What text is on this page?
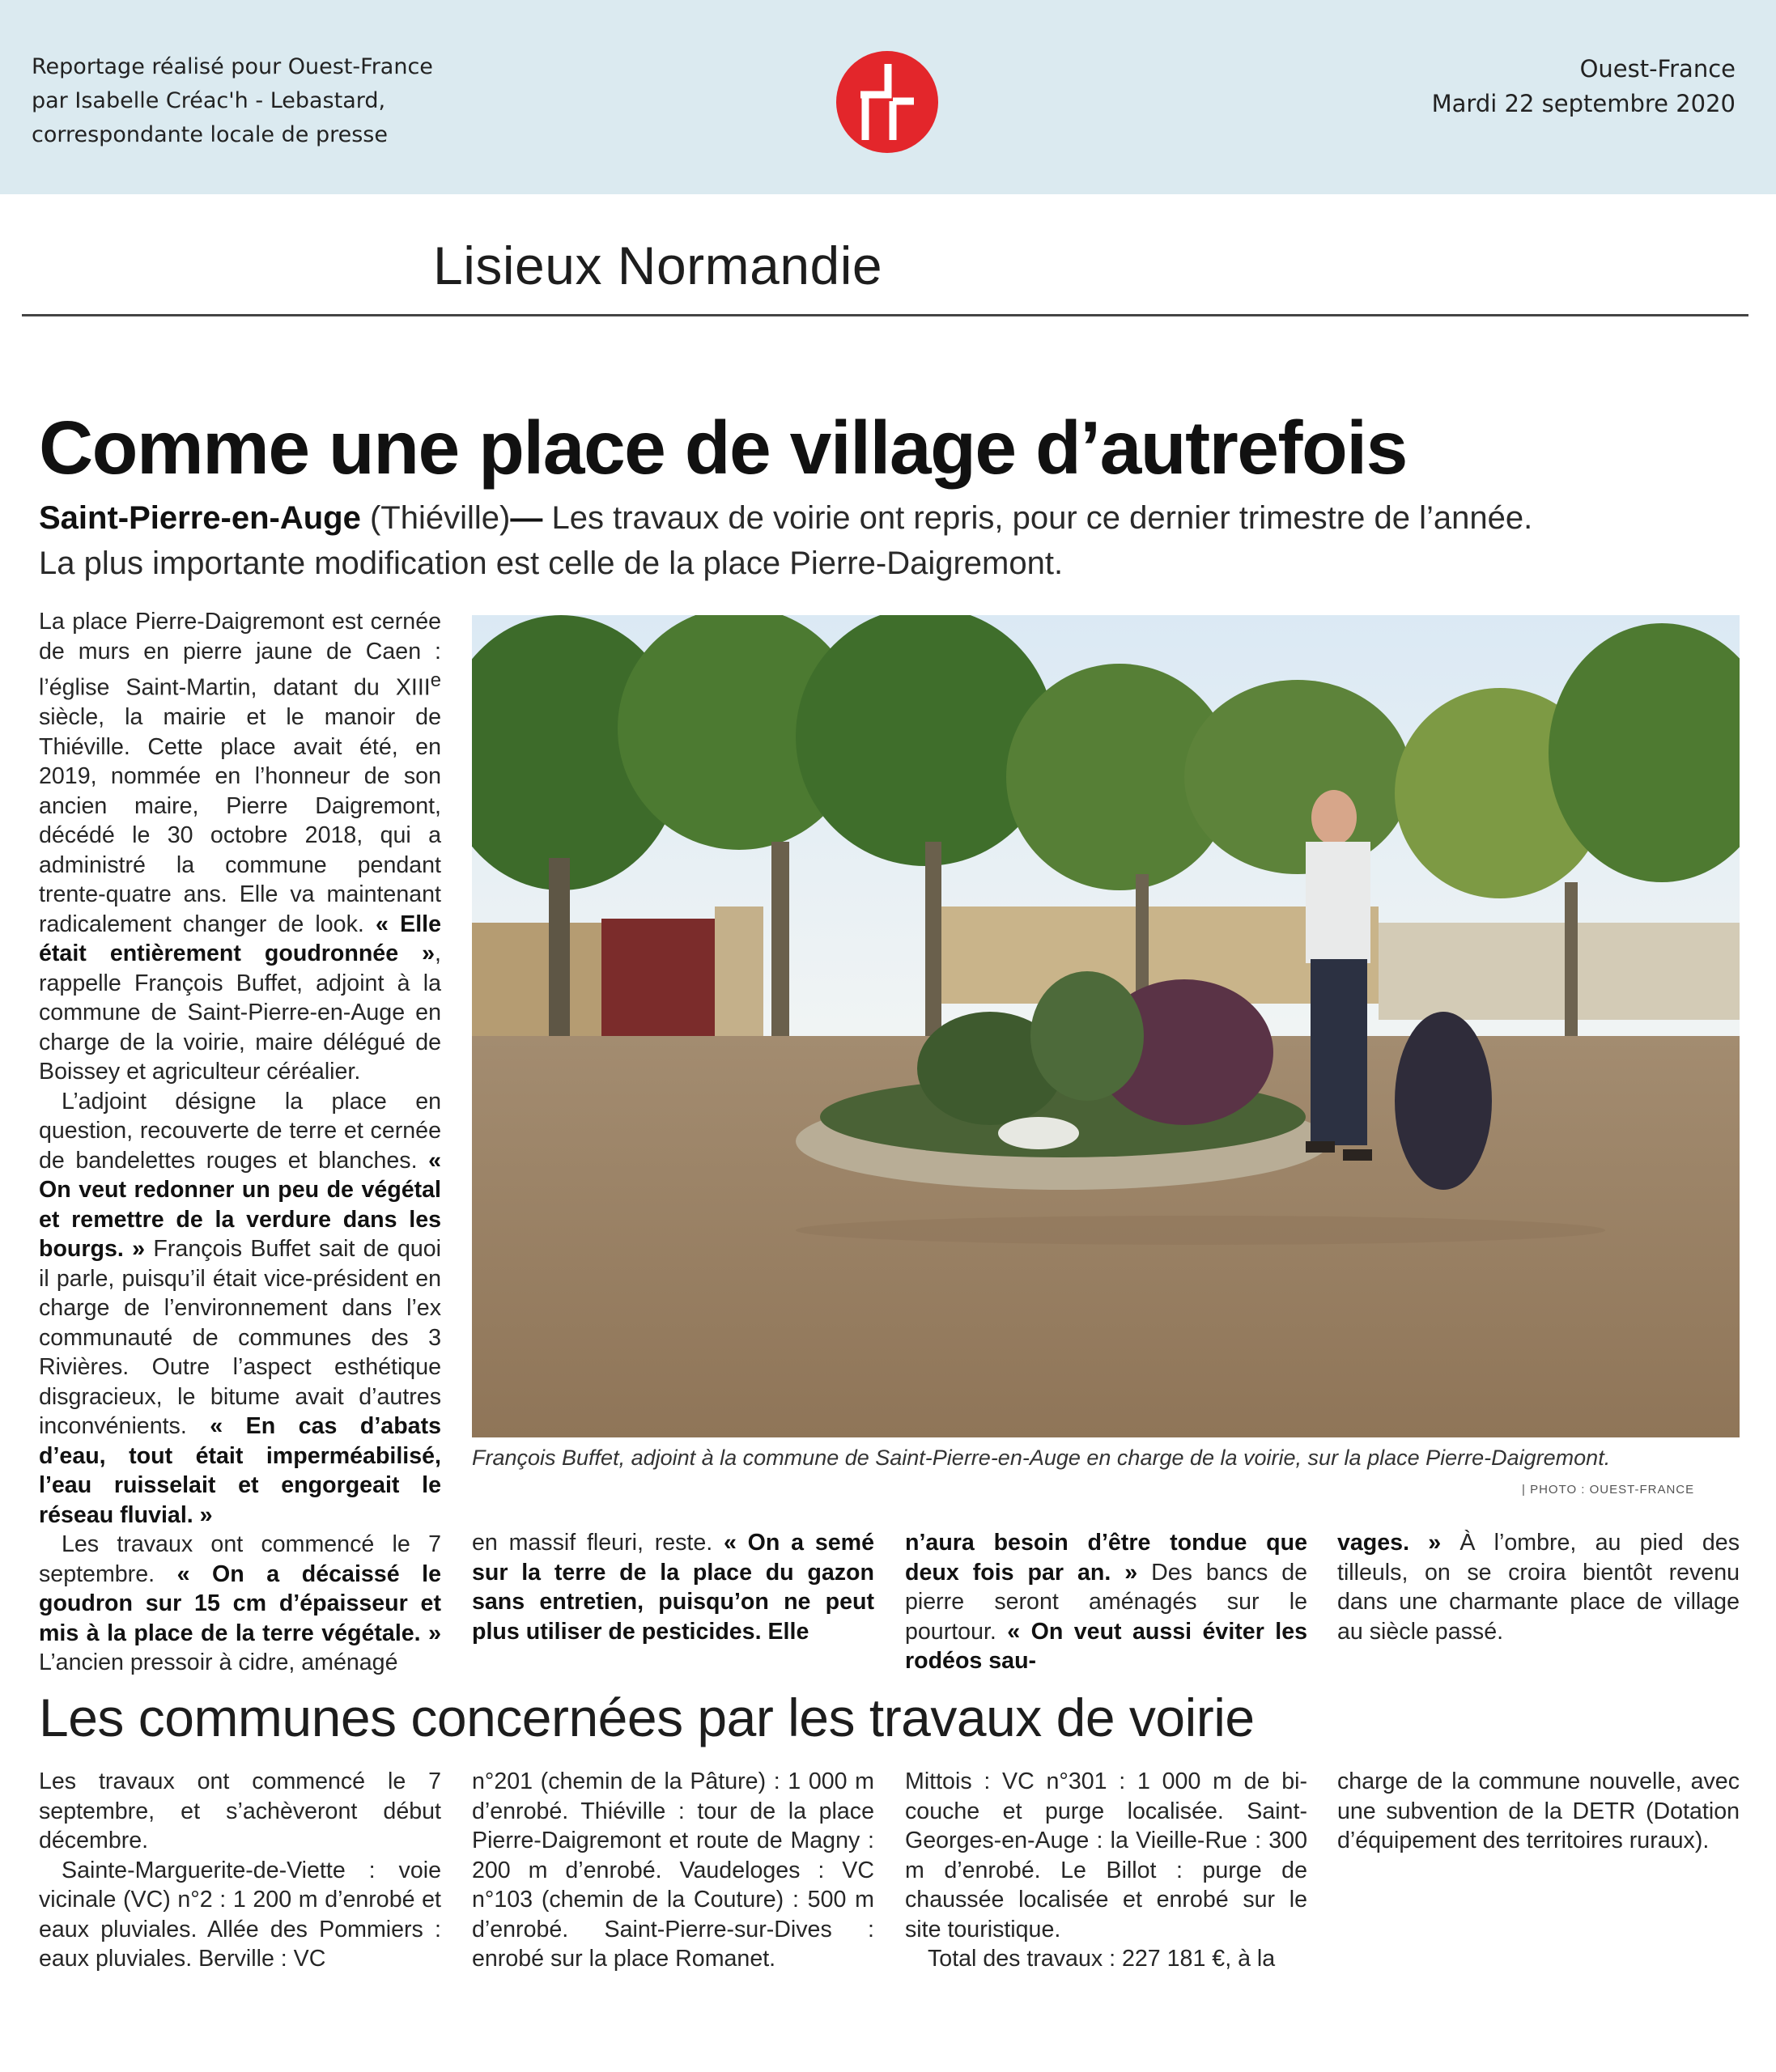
Reportage réalisé pour Ouest-France
par Isabelle Créac'h - Lebastard,
correspondante locale de presse
Ouest-France
Mardi 22 septembre 2020
Lisieux Normandie
Comme une place de village d’autrefois
Saint-Pierre-en-Auge (Thiéville)— Les travaux de voirie ont repris, pour ce dernier trimestre de l’année.
La plus importante modification est celle de la place Pierre-Daigremont.

La place Pierre-Daigremont est cernée de murs en pierre jaune de Caen : l’église Saint-Martin, datant du XIIIe siècle, la mairie et le manoir de Thiéville. Cette place avait été, en 2019, nommée en l’honneur de son ancien maire, Pierre Daigremont, décédé le 30 octobre 2018, qui a administré la commune pendant trente-quatre ans. Elle va maintenant radicalement changer de look. « Elle était entièrement goudronnée », rappelle François Buffet, adjoint à la commune de Saint-Pierre-en-Auge en charge de la voirie, maire délégué de Boissey et agriculteur céréalier.

L’adjoint désigne la place en question, recouverte de terre et cernée de bandelettes rouges et blanches. « On veut redonner un peu de végétal et remettre de la verdure dans les bourgs. » François Buffet sait de quoi il parle, puisqu’il était vice-président en charge de l’environnement dans l’ex communauté de communes des 3 Rivières. Outre l’aspect esthétique disgracieux, le bitume avait d’autres inconvénients. « En cas d’abats d’eau, tout était imperméabilisé, l’eau ruisselait et engorgeait le réseau fluvial. »

Les travaux ont commencé le 7 septembre. « On a décaissé le goudron sur 15 cm d’épaisseur et mis à la place de la terre végétale. » L’ancien pressoir à cidre, aménagé

François Buffet, adjoint à la commune de Saint-Pierre-en-Auge en charge de la voirie, sur la place Pierre-Daigremont.
| PHOTO : OUEST-FRANCE

en massif fleuri, reste. « On a semé sur la terre de la place du gazon sans entretien, puisqu’on ne peut plus utiliser de pesticides. Elle

n’aura besoin d’être tondue que deux fois par an. » Des bancs de pierre seront aménagés sur le pourtour. « On veut aussi éviter les rodéos sau-

vages. » À l’ombre, au pied des tilleuls, on se croira bientôt revenu dans une charmante place de village au siècle passé.

Les communes concernées par les travaux de voirie

Les travaux ont commencé le 7 septembre, et s’achèveront début décembre.

Sainte-Marguerite-de-Viette : voie vicinale (VC) n°2 : 1 200 m d’enrobé et eaux pluviales. Allée des Pommiers : eaux pluviales. Berville : VC

n°201 (chemin de la Pâture) : 1 000 m d’enrobé. Thiéville : tour de la place Pierre-Daigremont et route de Magny : 200 m d’enrobé. Vaudeloges : VC n°103 (chemin de la Couture) : 500 m d’enrobé. Saint-Pierre-sur-Dives : enrobé sur la place Romanet.

Mittois : VC n°301 : 1 000 m de bi-couche et purge localisée. Saint-Georges-en-Auge : la Vieille-Rue : 300 m d’enrobé. Le Billot : purge de chaussée localisée et enrobé sur le site touristique.

Total des travaux : 227 181 €, à la

charge de la commune nouvelle, avec une subvention de la DETR (Dotation d’équipement des territoires ruraux).
